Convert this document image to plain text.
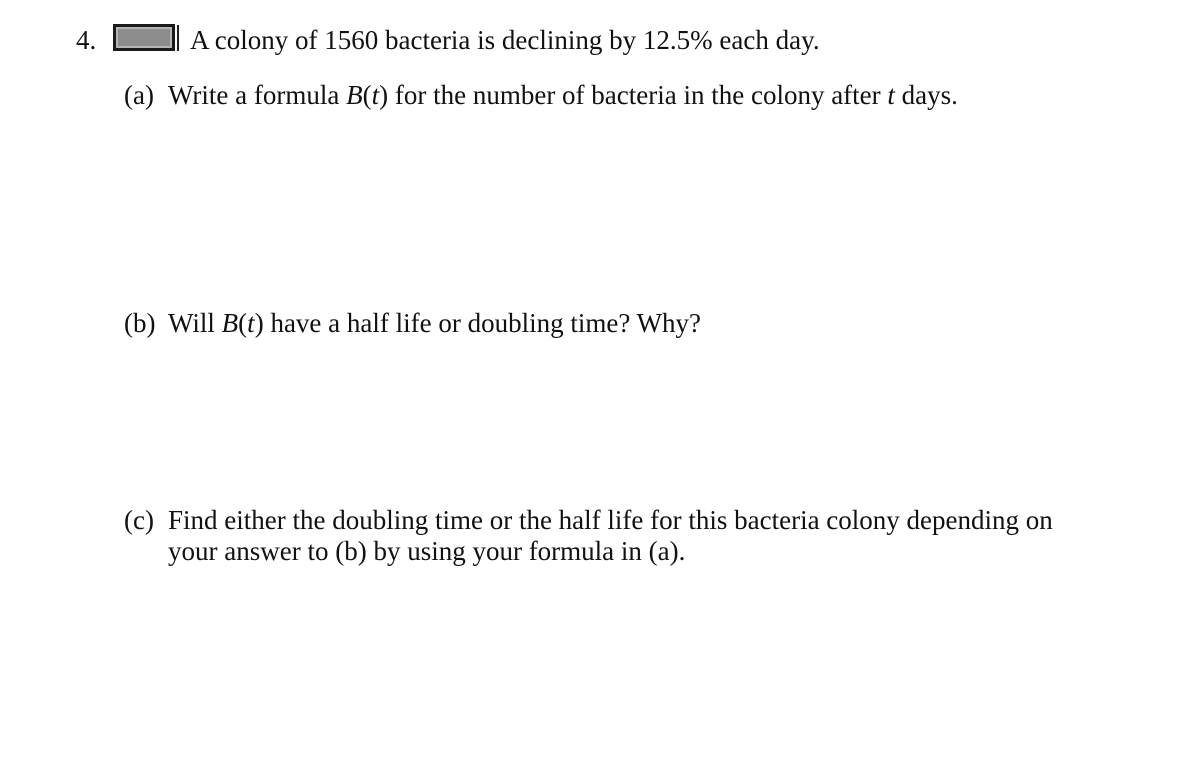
4.	A colony of 1560 bacteria is declining by 12.5% each day.
(a) Write a formula B(t) for the number of bacteria in the colony after t days.
(b) Will B(t) have a half life or doubling time? Why?
(c) Find either the doubling time or the half life for this bacteria colony depending on
your answer to (b) by using your formula in (a).
